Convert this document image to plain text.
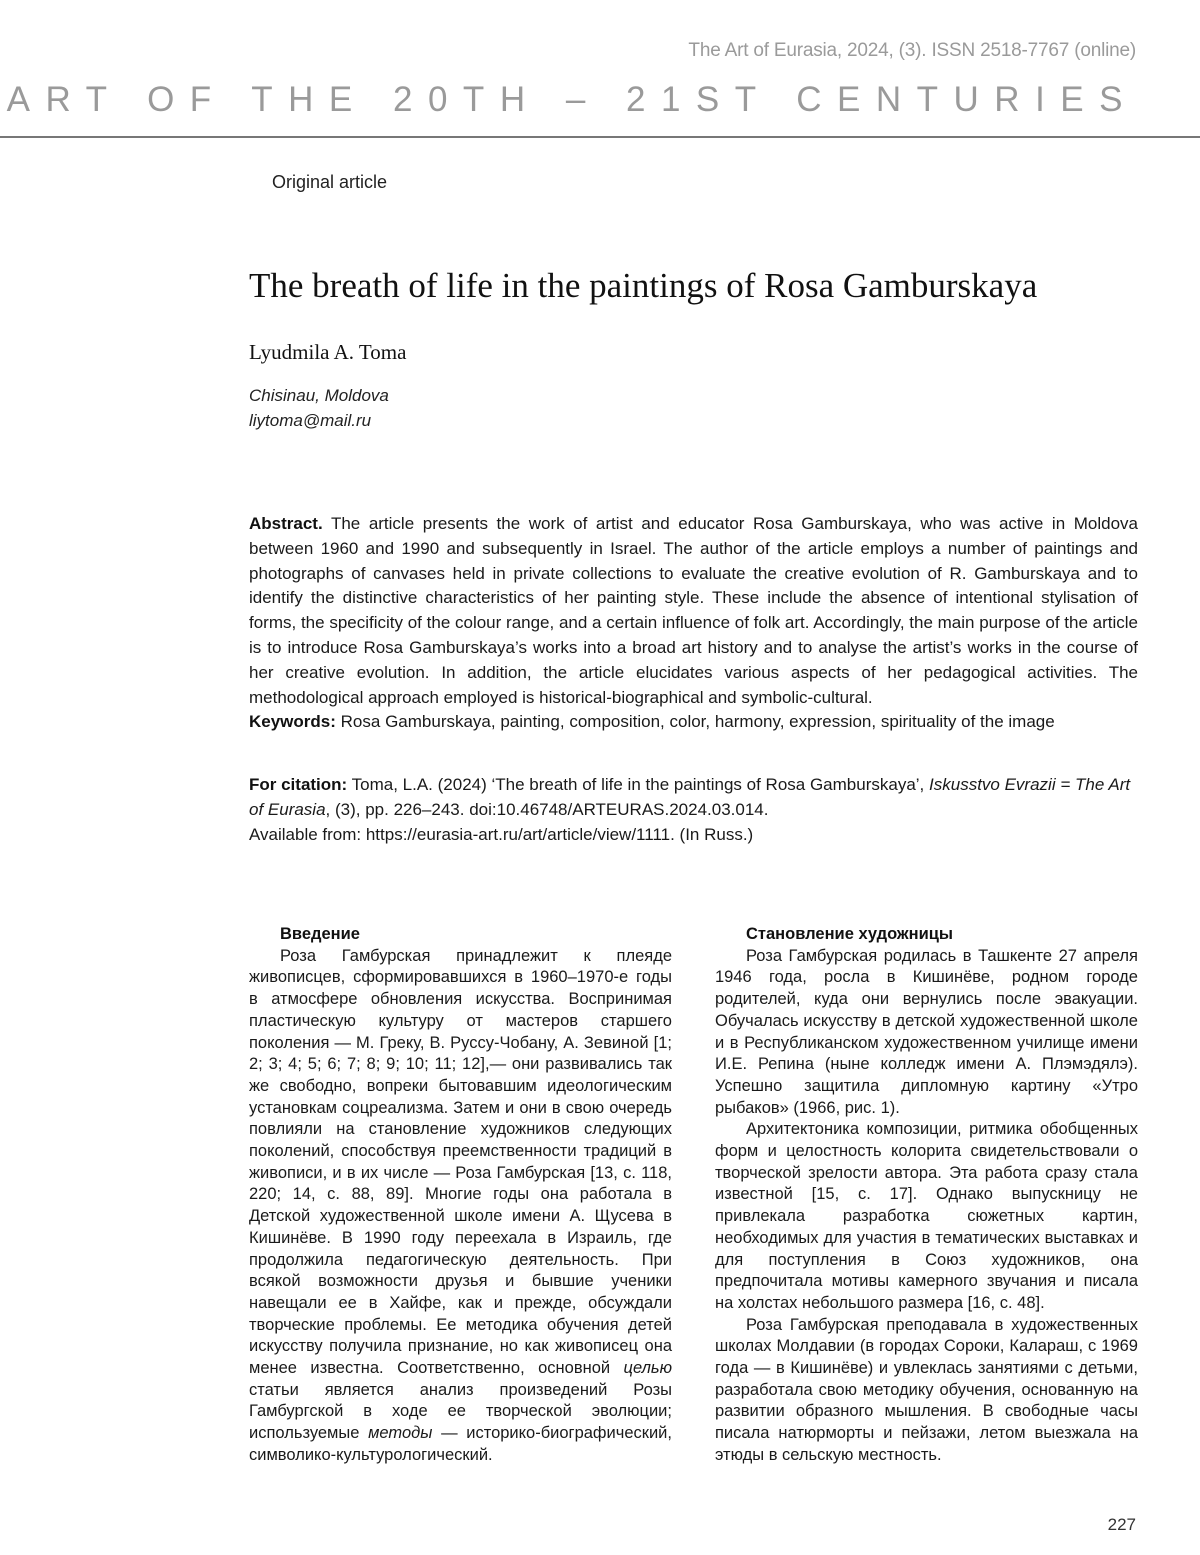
The Art of Eurasia, 2024, (3). ISSN 2518-7767 (online)
ART OF THE 20TH – 21ST CENTURIES
Original article
The breath of life in the paintings of Rosa Gamburskaya
Lyudmila A. Toma
Chisinau, Moldova
liytoma@mail.ru
Abstract. The article presents the work of artist and educator Rosa Gamburskaya, who was active in Moldova between 1960 and 1990 and subsequently in Israel. The author of the article employs a number of paintings and photographs of canvases held in private collections to evaluate the creative evolution of R. Gamburskaya and to identify the distinctive characteristics of her painting style. These include the absence of intentional stylisation of forms, the specificity of the colour range, and a certain influence of folk art. Accordingly, the main purpose of the article is to introduce Rosa Gamburskaya’s works into a broad art history and to analyse the artist’s works in the course of her creative evolution. In addition, the article elucidates various aspects of her pedagogical activities. The methodological approach employed is historical-biographical and symbolic-cultural.
Keywords: Rosa Gamburskaya, painting, composition, color, harmony, expression, spirituality of the image
For citation: Toma, L.A. (2024) ‘The breath of life in the paintings of Rosa Gamburskaya’, Iskusstvo Evrazii = The Art of Eurasia, (3), pp. 226–243. doi:10.46748/ARTEURAS.2024.03.014.
Available from: https://eurasia-art.ru/art/article/view/1111. (In Russ.)
Введение

Роза Гамбурская принадлежит к плеяде живописцев, сформировавшихся в 1960–1970-е годы в атмосфере обновления искусства. Воспринимая пластическую культуру от мастеров старшего поколения — М. Греку, В. Руссу-Чобану, А. Зевиной [1; 2; 3; 4; 5; 6; 7; 8; 9; 10; 11; 12],— они развивались так же свободно, вопреки бытовавшим идеологическим установкам соцреализма. Затем и они в свою очередь повлияли на становление художников следующих поколений, способствуя преемственности традиций в живописи, и в их числе — Роза Гамбурская [13, с. 118, 220; 14, с. 88, 89]. Многие годы она работала в Детской художественной школе имени А. Щусева в Кишинёве. В 1990 году переехала в Израиль, где продолжила педагогическую деятельность. При всякой возможности друзья и бывшие ученики навещали ее в Хайфе, как и прежде, обсуждали творческие проблемы. Ее методика обучения детей искусству получила признание, но как живописец она менее известна. Соответственно, основной целью статьи является анализ произведений Розы Гамбургской в ходе ее творческой эволюции; используемые методы — историко-биографический, символико-культурологический.

Становление художницы

Роза Гамбурская родилась в Ташкенте 27 апреля 1946 года, росла в Кишинёве, родном городе родителей, куда они вернулись после эвакуации. Обучалась искусству в детской художественной школе и в Республиканском художественном училище имени И.Е. Репина (ныне колледж имени А. Плэмэдялэ). Успешно защитила дипломную картину «Утро рыбаков» (1966, рис. 1).

Архитектоника композиции, ритмика обобщенных форм и целостность колорита свидетельствовали о творческой зрелости автора. Эта работа сразу стала известной [15, с. 17]. Однако выпускницу не привлекала разработка сюжетных картин, необходимых для участия в тематических выставках и для поступления в Союз художников, она предпочитала мотивы камерного звучания и писала на холстах небольшого размера [16, с. 48].

Роза Гамбурская преподавала в художественных школах Молдавии (в городах Сороки, Калараш, с 1969 года — в Кишинёве) и увлеклась занятиями с детьми, разработала свою методику обучения, основанную на развитии образного мышления. В свободные часы писала натюрморты и пейзажи, летом выезжала на этюды в сельскую местность.

227
